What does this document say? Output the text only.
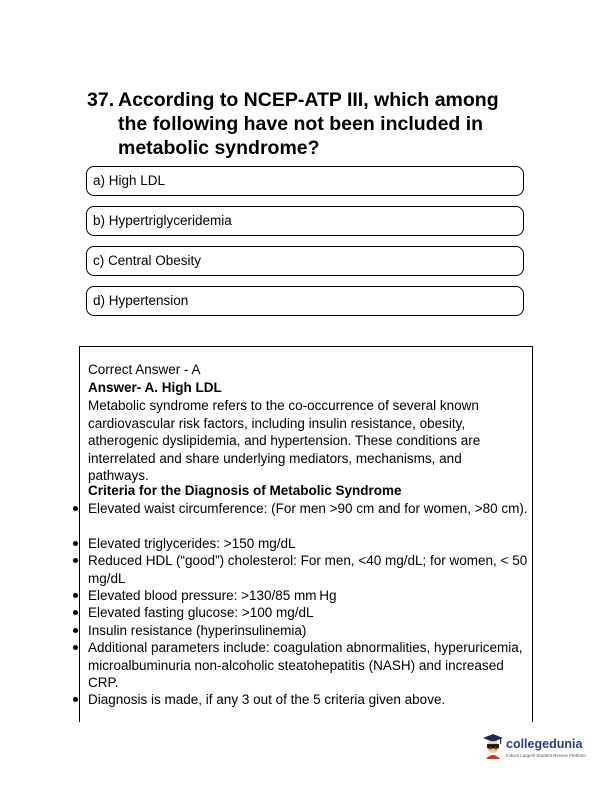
37. According to NCEP-ATP III, which among the following have not been included in metabolic syndrome?
a) High LDL
b) Hypertriglyceridemia
c) Central Obesity
d) Hypertension
Correct Answer - A
Answer- A. High LDL
Metabolic syndrome refers to the co-occurrence of several known cardiovascular risk factors, including insulin resistance, obesity, atherogenic dyslipidemia, and hypertension. These conditions are interrelated and share underlying mediators, mechanisms, and pathways.
Criteria for the Diagnosis of Metabolic Syndrome
Elevated waist circumference: (For men >90 cm and for women, >80 cm).
Elevated triglycerides: >150 mg/dL
Reduced HDL (“good”) cholesterol: For men, <40 mg/dL; for women, < 50 mg/dL
Elevated blood pressure: >130/85 mm Hg
Elevated fasting glucose: >100 mg/dL
Insulin resistance (hyperinsulinemia)
Additional parameters include: coagulation abnormalities, hyperuricemia, microalbuminuria non-alcoholic steatohepatitis (NASH) and increased CRP.
Diagnosis is made, if any 3 out of the 5 criteria given above.
collegedunia
India's Largest Student Review Platform
